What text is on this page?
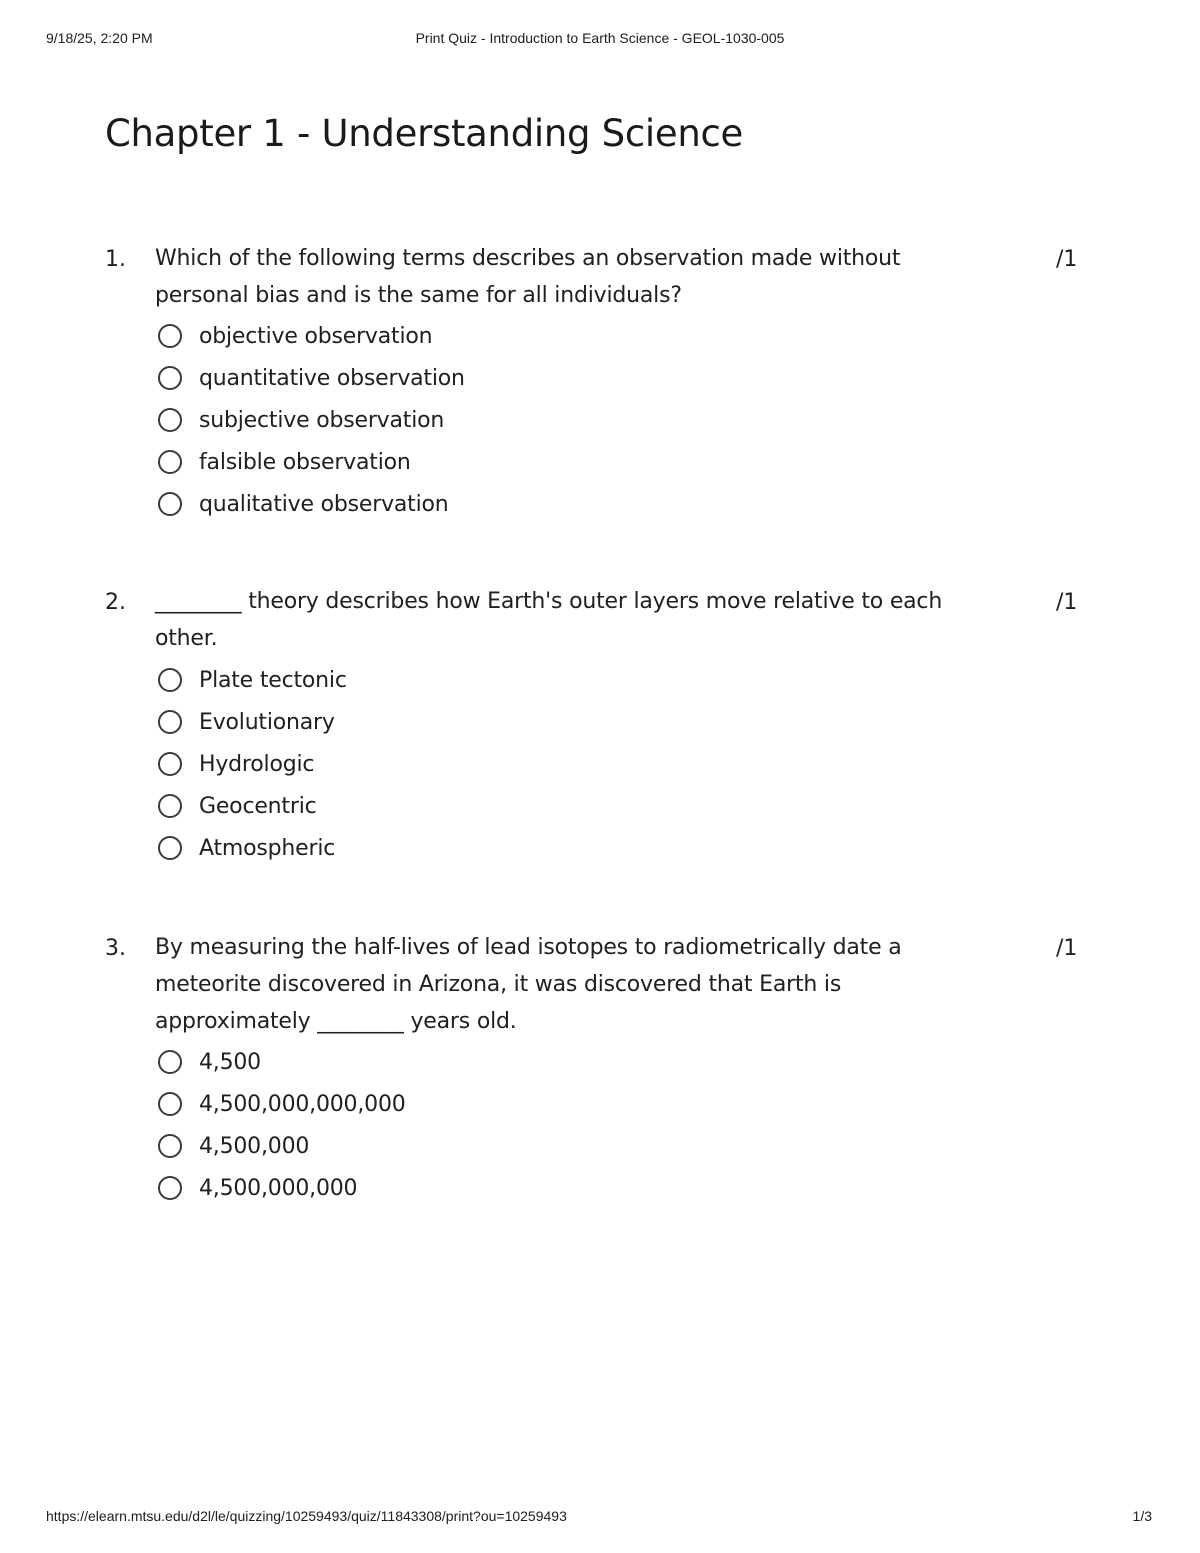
9/18/25, 2:20 PM	Print Quiz - Introduction to Earth Science - GEOL-1030-005
Chapter 1 - Understanding Science
1. Which of the following terms describes an observation made without personal bias and is the same for all individuals?
/1
objective observation
quantitative observation
subjective observation
falsible observation
qualitative observation
2. ________ theory describes how Earth's outer layers move relative to each other.
/1
Plate tectonic
Evolutionary
Hydrologic
Geocentric
Atmospheric
3. By measuring the half-lives of lead isotopes to radiometrically date a meteorite discovered in Arizona, it was discovered that Earth is approximately ________ years old.
/1
4,500
4,500,000,000,000
4,500,000
4,500,000,000
https://elearn.mtsu.edu/d2l/le/quizzing/10259493/quiz/11843308/print?ou=10259493	1/3
